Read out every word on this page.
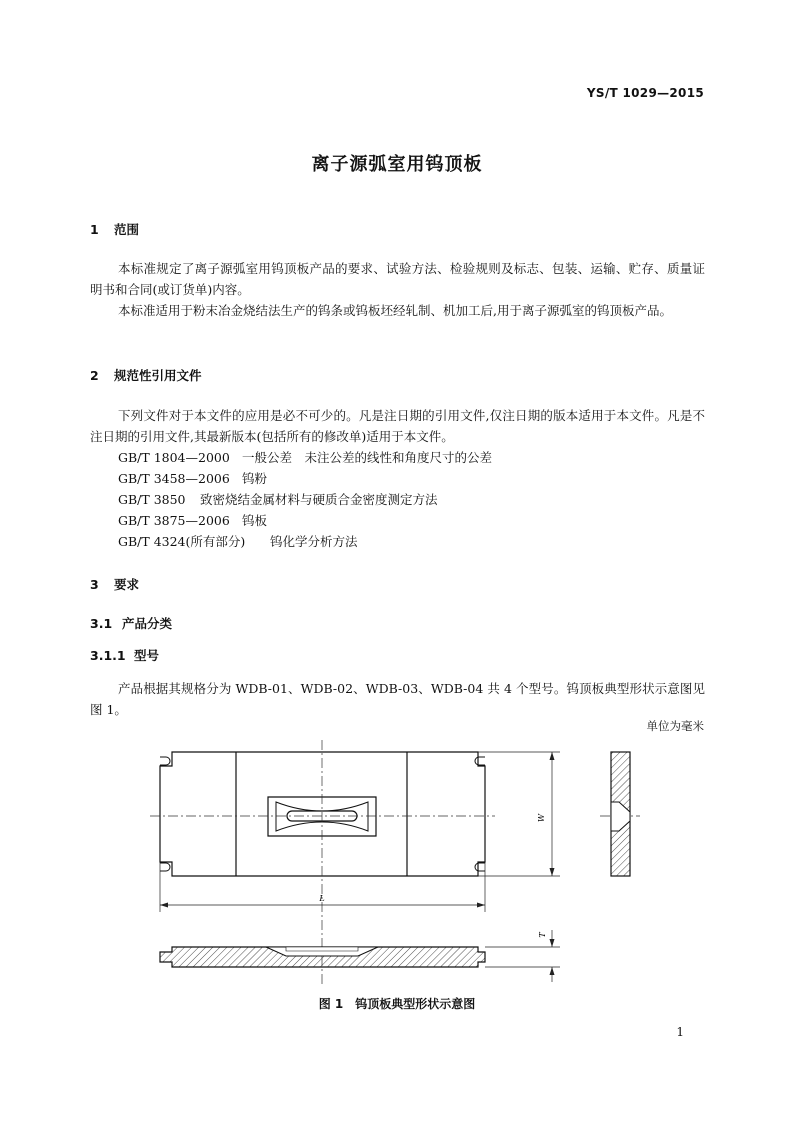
YS/T 1029—2015
离子源弧室用钨顶板
1 范围
本标准规定了离子源弧室用钨顶板产品的要求、试验方法、检验规则及标志、包装、运输、贮存、质量证明书和合同(或订货单)内容。
本标准适用于粉末冶金烧结法生产的钨条或钨板坯经轧制、机加工后,用于离子源弧室的钨顶板产品。
2 规范性引用文件
下列文件对于本文件的应用是必不可少的。凡是注日期的引用文件,仅注日期的版本适用于本文件。凡是不注日期的引用文件,其最新版本(包括所有的修改单)适用于本文件。
GB/T 1804—2000 一般公差　未注公差的线性和角度尺寸的公差
GB/T 3458—2006 钨粉
GB/T 3850 致密烧结金属材料与硬质合金密度测定方法
GB/T 3875—2006 钨板
GB/T 4324(所有部分) 钨化学分析方法
3 要求
3.1 产品分类
3.1.1 型号
产品根据其规格分为 WDB-01、WDB-02、WDB-03、WDB-04 共 4 个型号。钨顶板典型形状示意图见图 1。
单位为毫米
W
L
T
图 1　钨顶板典型形状示意图
1
